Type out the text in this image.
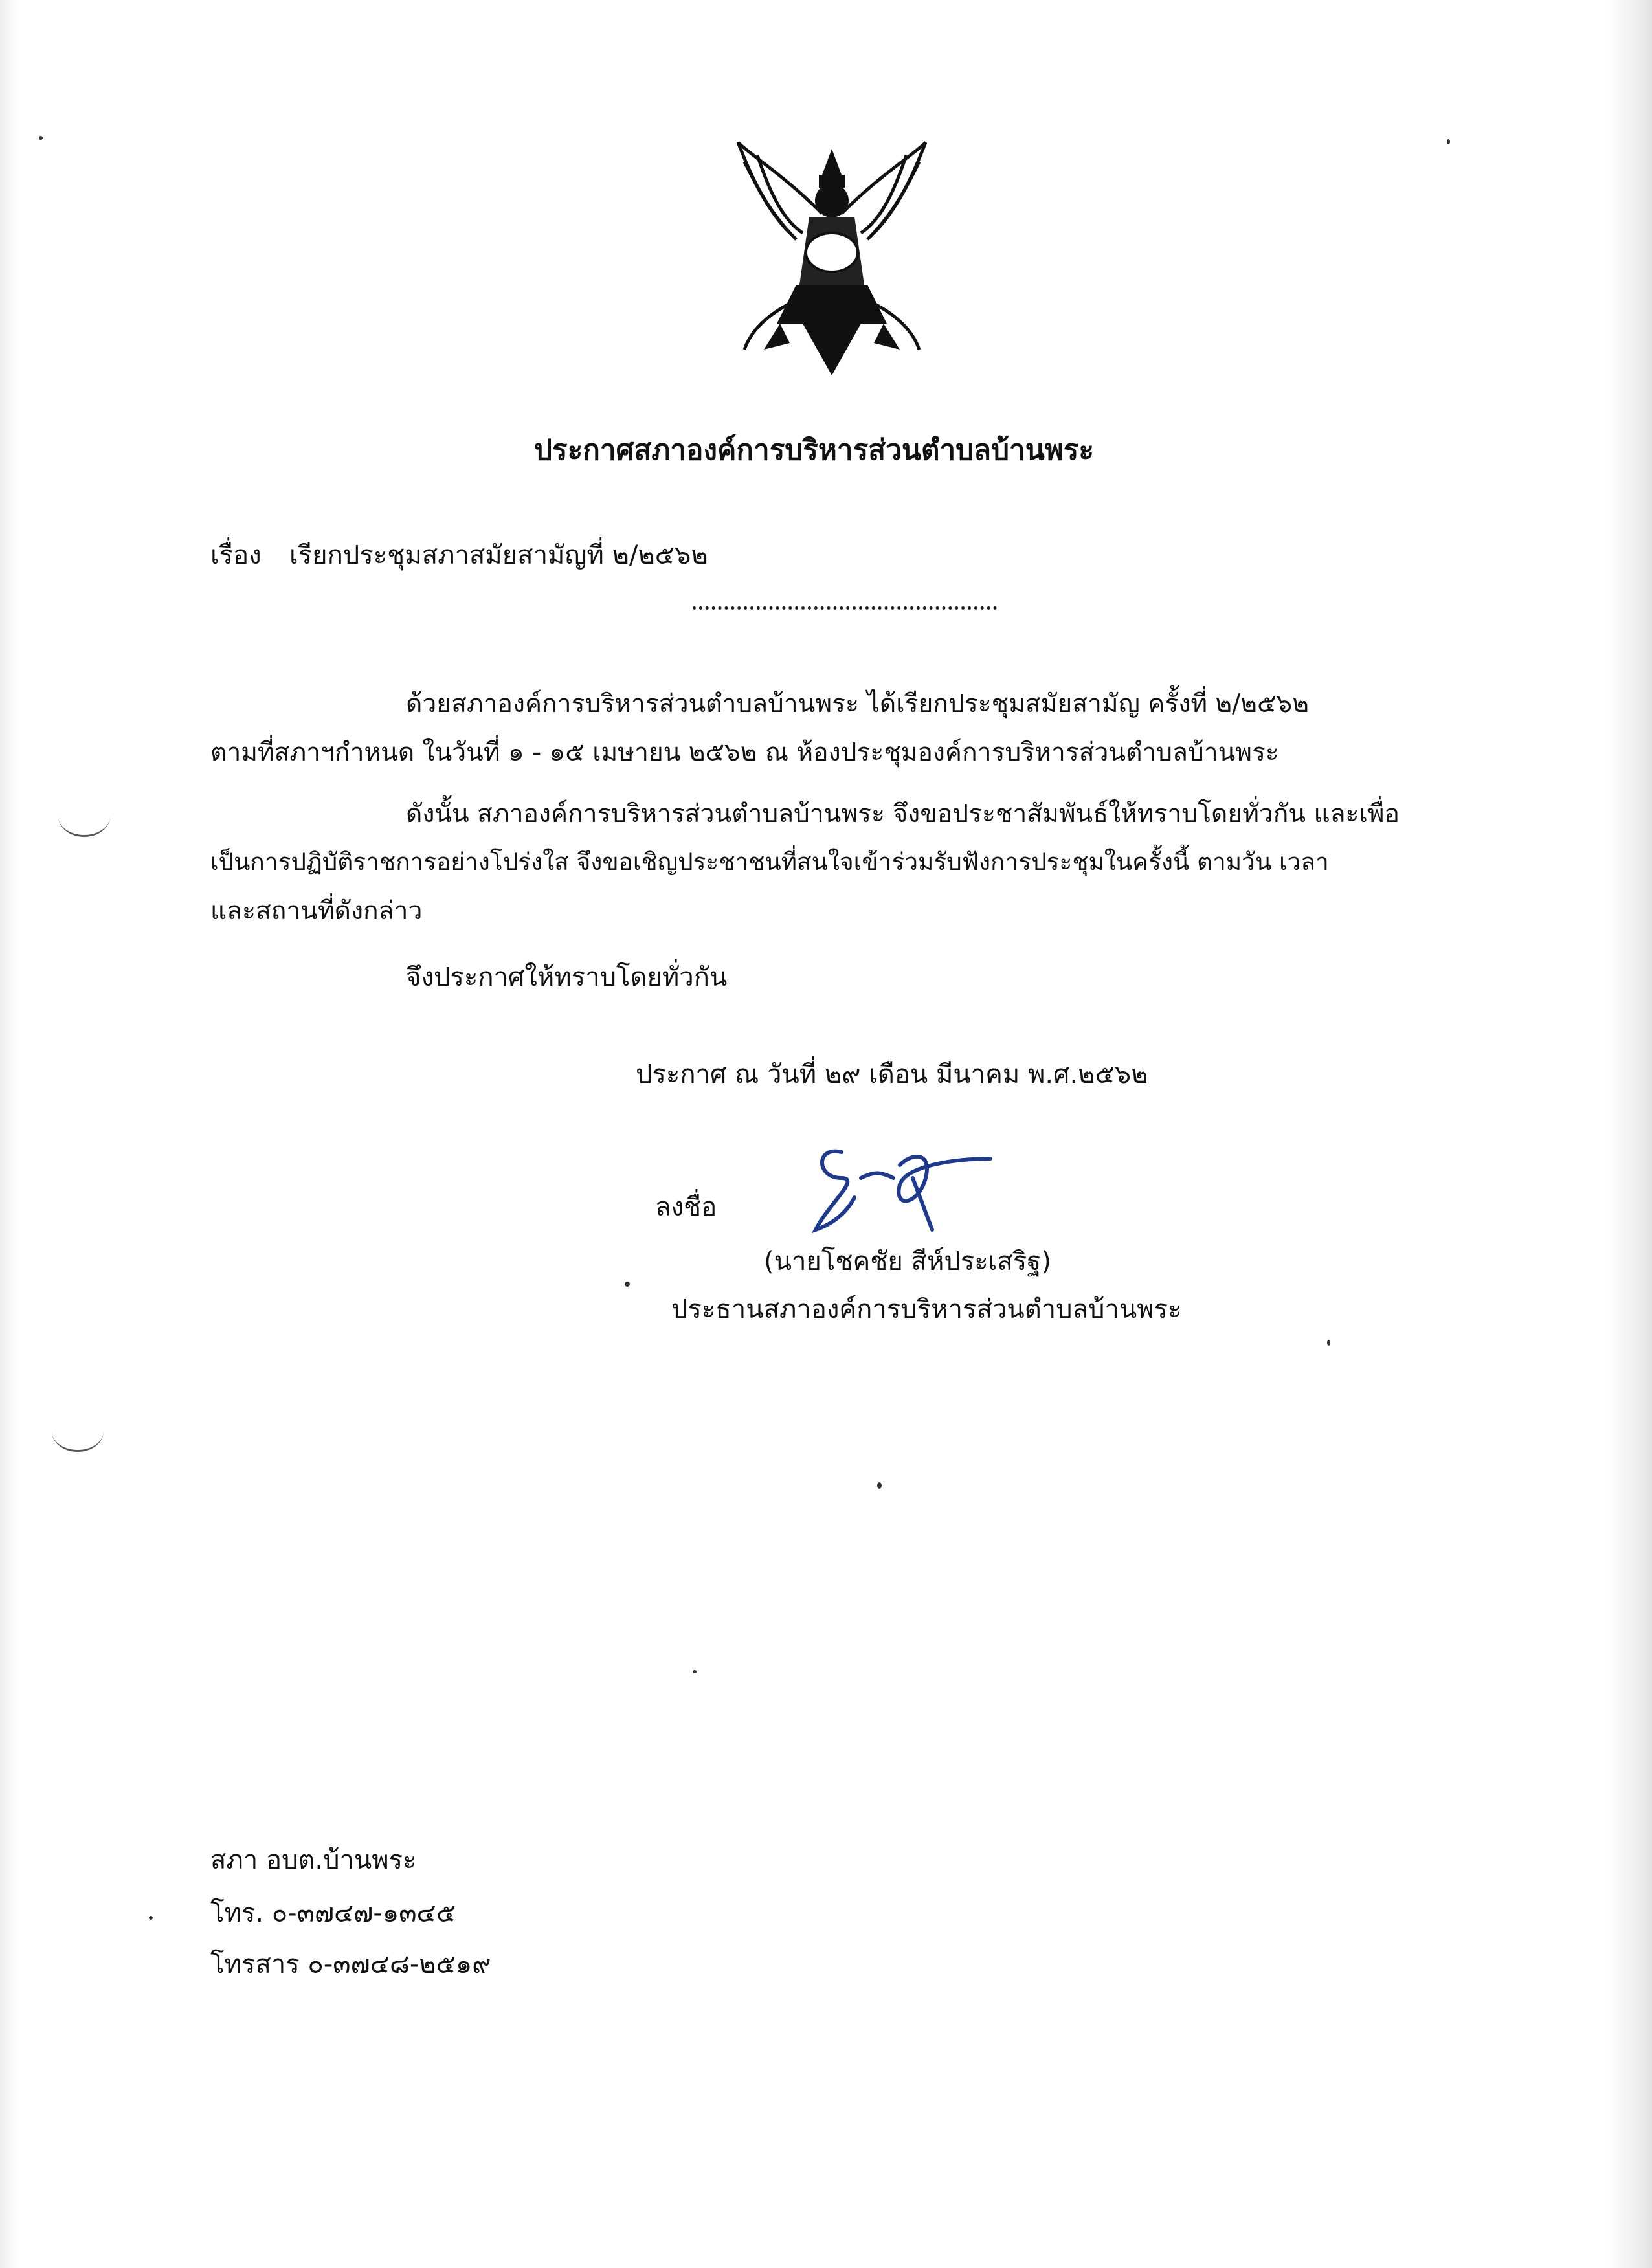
ประกาศสภาองค์การบริหารส่วนตำบลบ้านพระ
เรื่อง เรียกประชุมสภาสมัยสามัญที่ ๒/๒๕๖๒
ด้วยสภาองค์การบริหารส่วนตำบลบ้านพระ ได้เรียกประชุมสมัยสามัญ ครั้งที่ ๒/๒๕๖๒
ตามที่สภาฯกำหนด ในวันที่ ๑ - ๑๕ เมษายน ๒๕๖๒ ณ ห้องประชุมองค์การบริหารส่วนตำบลบ้านพระ
ดังนั้น สภาองค์การบริหารส่วนตำบลบ้านพระ จึงขอประชาสัมพันธ์ให้ทราบโดยทั่วกัน และเพื่อ
เป็นการปฏิบัติราชการอย่างโปร่งใส จึงขอเชิญประชาชนที่สนใจเข้าร่วมรับฟังการประชุมในครั้งนี้ ตามวัน เวลา
และสถานที่ดังกล่าว
จึงประกาศให้ทราบโดยทั่วกัน
ประกาศ ณ วันที่ ๒๙ เดือน มีนาคม พ.ศ.๒๕๖๒
ลงชื่อ
(นายโชคชัย สีห์ประเสริฐ)
ประธานสภาองค์การบริหารส่วนตำบลบ้านพระ
สภา อบต.บ้านพระ
โทร. ๐-๓๗๔๗-๑๓๔๕
โทรสาร ๐-๓๗๔๘-๒๕๑๙
